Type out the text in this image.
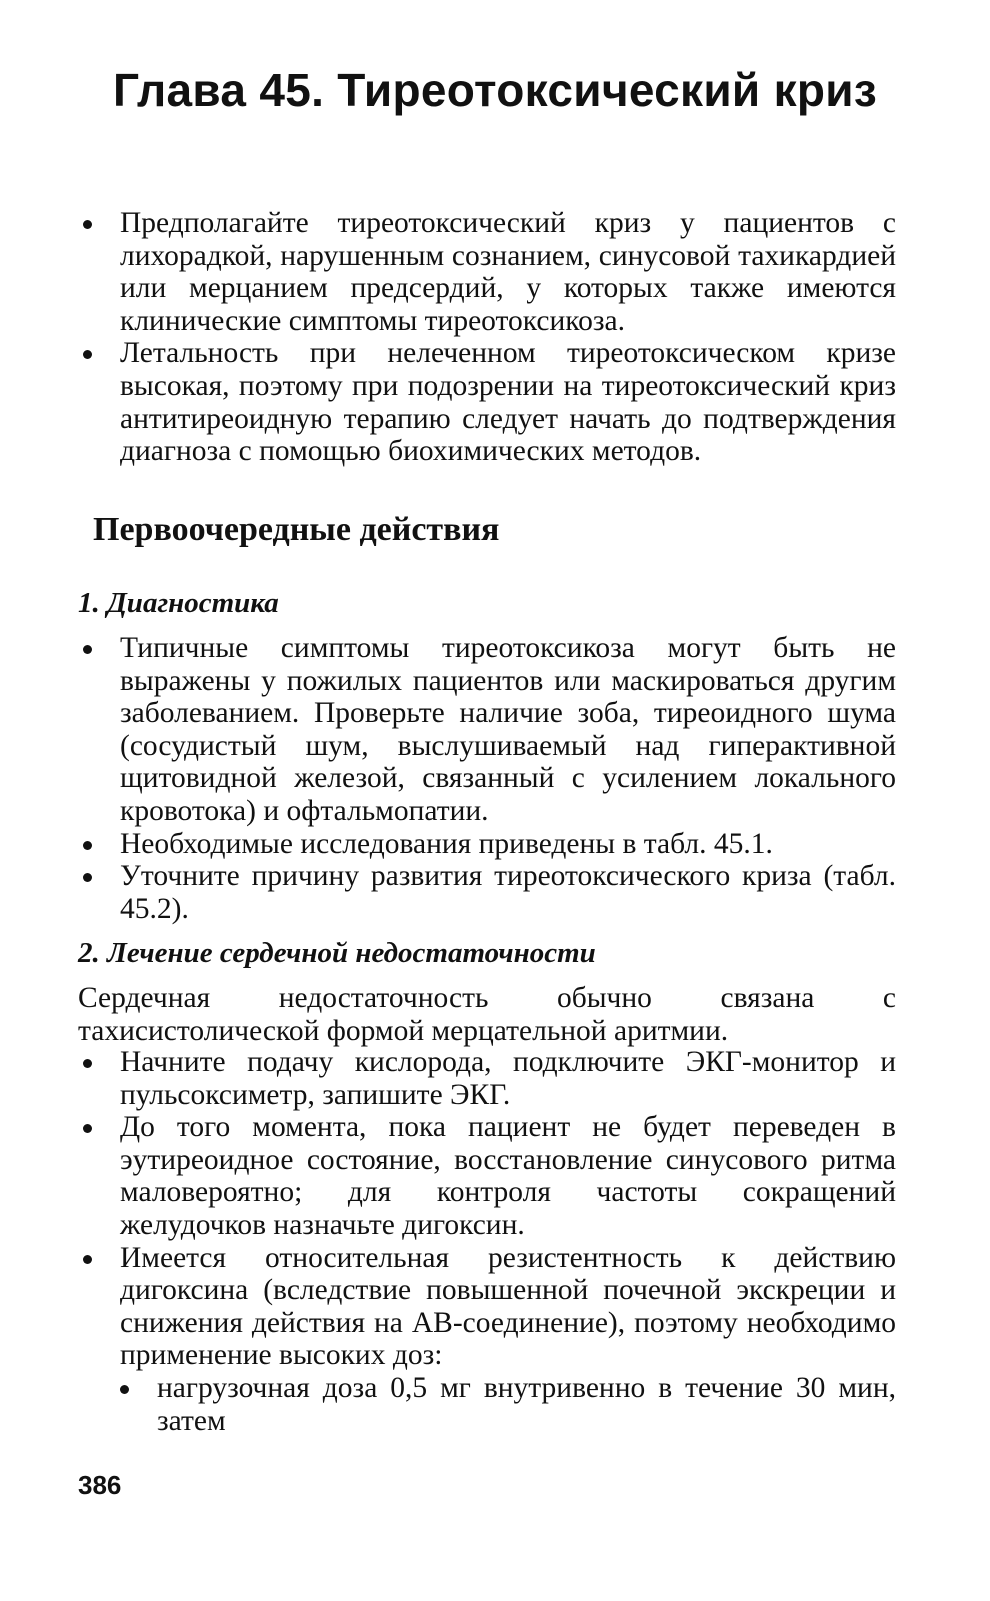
Глава 45. Тиреотоксический криз
Предполагайте тиреотоксический криз у пациентов с лихорадкой, нарушенным сознанием, синусовой тахикардией или мерцанием предсердий, у которых также имеются клинические симптомы тиреотоксикоза.
Летальность при нелеченном тиреотоксическом кризе высокая, поэтому при подозрении на тиреотоксический криз антитиреоидную терапию следует начать до подтверждения диагноза с помощью биохимических методов.
Первоочередные действия
1. Диагностика
Типичные симптомы тиреотоксикоза могут быть не выражены у пожилых пациентов или маскироваться другим заболеванием. Проверьте наличие зоба, тиреоидного шума (сосудистый шум, выслушиваемый над гиперактивной щитовидной железой, связанный с усилением локального кровотока) и офтальмопатии.
Необходимые исследования приведены в табл. 45.1.
Уточните причину развития тиреотоксического криза (табл. 45.2).
2. Лечение сердечной недостаточности

Сердечная недостаточность обычно связана с тахисистолической формой мерцательной аритмии.

Начните подачу кислорода, подключите ЭКГ-монитор и пульсоксиметр, запишите ЭКГ.
До того момента, пока пациент не будет переведен в эутиреоидное состояние, восстановление синусового ритма маловероятно; для контроля частоты сокращений желудочков назначьте дигоксин.
Имеется относительная резистентность к действию дигоксина (вследствие повышенной почечной экскреции и снижения действия на АВ-соединение), поэтому необходимо применение высоких доз:
нагрузочная доза 0,5 мг внутривенно в течение 30 мин, затем
386
